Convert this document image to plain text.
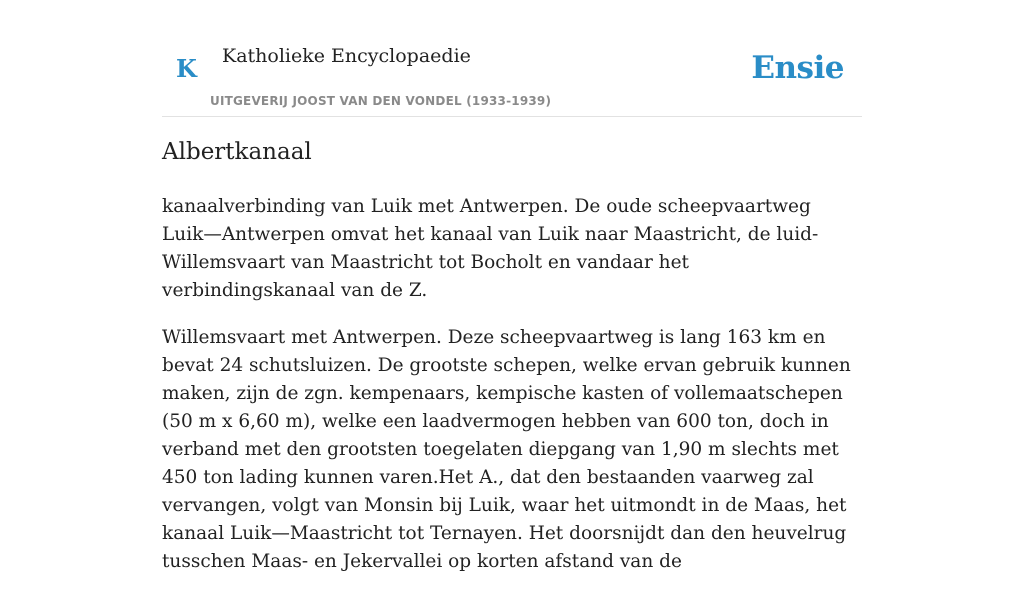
K Katholieke Encyclopaedie
UITGEVERIJ JOOST VAN DEN VONDEL (1933-1939)
Ensie
Albertkanaal

kanaalverbinding van Luik met Antwerpen. De oude scheepvaartweg Luik—Antwerpen omvat het kanaal van Luik naar Maastricht, de luid-Willemsvaart van Maastricht tot Bocholt en vandaar het verbindingskanaal van de Z.

Willemsvaart met Antwerpen. Deze scheepvaartweg is lang 163 km en bevat 24 schutsluizen. De grootste schepen, welke ervan gebruik kunnen maken, zijn de zgn. kempenaars, kempische kasten of vollemaatschepen (50 m x 6,60 m), welke een laadvermogen hebben van 600 ton, doch in verband met den grootsten toegelaten diepgang van 1,90 m slechts met 450 ton lading kunnen varen.Het A., dat den bestaanden vaarweg zal vervangen, volgt van Monsin bij Luik, waar het uitmondt in de Maas, het kanaal Luik—Maastricht tot Ternayen. Het doorsnijdt dan den heuvelrug tusschen Maas- en Jekervallei op korten afstand van de
